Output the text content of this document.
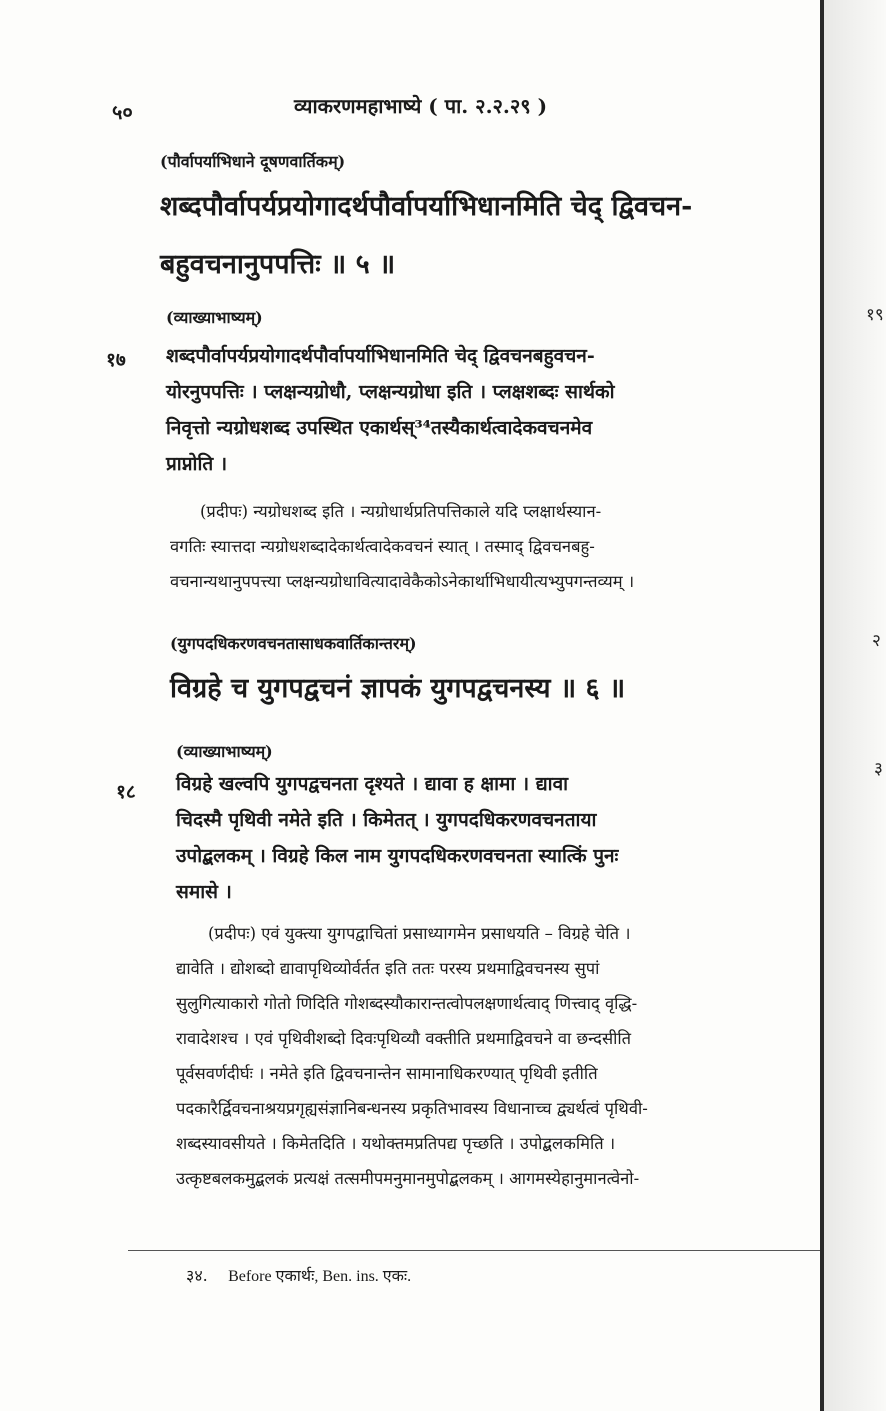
१९
२
३
५०	व्याकरणमहाभाष्ये ( पा. २.२.२९ )
(पौर्वापर्याभिधाने दूषणवार्तिकम्)
शब्दपौर्वापर्यप्रयोगादर्थपौर्वापर्याभिधानमिति चेद् द्विवचन-
बहुवचनानुपपत्तिः ॥ ५ ॥
(व्याख्याभाष्यम्)
१७ शब्दपौर्वापर्यप्रयोगादर्थपौर्वापर्याभिधानमिति चेद् द्विवचनबहुवचन-
योरनुपपत्तिः । प्लक्षन्यग्रोधौ, प्लक्षन्यग्रोधा इति । प्लक्षशब्दः सार्थको
निवृत्तो न्यग्रोधशब्द उपस्थित एकार्थस्³⁴तस्यैकार्थत्वादेकवचनमेव
प्राप्नोति ।
(प्रदीपः) न्यग्रोधशब्द इति । न्यग्रोधार्थप्रतिपत्तिकाले यदि प्लक्षार्थस्यान-
वगतिः स्यात्तदा न्यग्रोधशब्दादेकार्थत्वादेकवचनं स्यात् । तस्माद् द्विवचनबहु-
वचनान्यथानुपपत्त्या प्लक्षन्यग्रोधावित्यादावेकैकोऽनेकार्थाभिधायीत्यभ्युपगन्तव्यम् ।
(युगपदधिकरणवचनतासाधकवार्तिकान्तरम्)
विग्रहे च युगपद्वचनं ज्ञापकं युगपद्वचनस्य ॥ ६ ॥
(व्याख्याभाष्यम्)
१८ विग्रहे खल्वपि युगपद्वचनता दृश्यते । द्यावा ह क्षामा । द्यावा
चिदस्मै पृथिवी नमेते इति । किमेतत् । युगपदधिकरणवचनताया
उपोद्बलकम् । विग्रहे किल नाम युगपदधिकरणवचनता स्यात्किं पुनः
समासे ।
(प्रदीपः) एवं युक्त्या युगपद्वाचितां प्रसाध्यागमेन प्रसाधयति – विग्रहे चेति ।
द्यावेति । द्योशब्दो द्यावापृथिव्योर्वर्तत इति ततः परस्य प्रथमाद्विवचनस्य सुपां
सुलुगित्याकारो गोतो णिदिति गोशब्दस्यौकारान्तत्वोपलक्षणार्थत्वाद् णित्त्वाद् वृद्धि-
रावादेशश्च । एवं पृथिवीशब्दो दिवःपृथिव्यौ वक्तीति प्रथमाद्विवचने वा छन्दसीति
पूर्वसवर्णदीर्घः । नमेते इति द्विवचनान्तेन सामानाधिकरण्यात् पृथिवी इतीति
पदकारैर्द्विवचनाश्रयप्रगृह्यसंज्ञानिबन्धनस्य प्रकृतिभावस्य विधानाच्च द्व्यर्थत्वं पृथिवी-
शब्दस्यावसीयते । किमेतदिति । यथोक्तमप्रतिपद्य पृच्छति । उपोद्बलकमिति ।
उत्कृष्टबलकमुद्बलकं प्रत्यक्षं तत्समीपमनुमानमुपोद्बलकम् । आगमस्येहानुमानत्वेनो-
३४. Before एकार्थः, Ben. ins. एकः.
